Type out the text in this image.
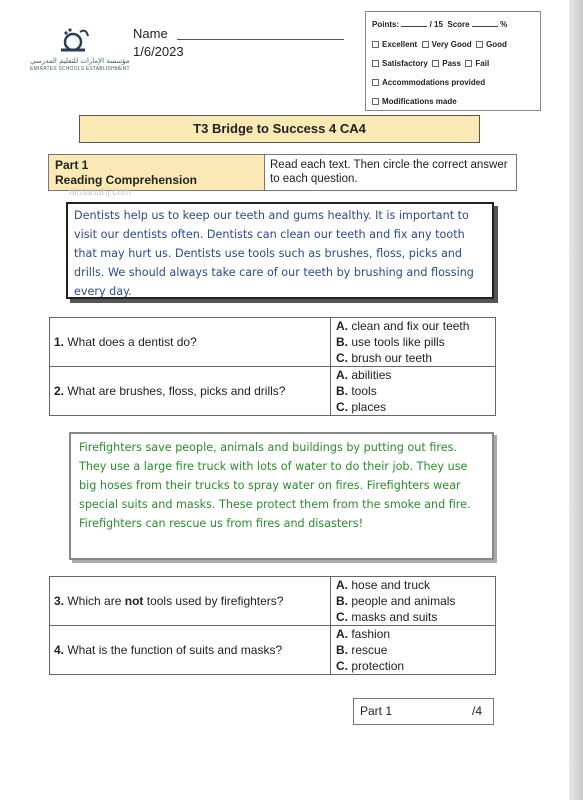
مؤسسة الإمارات للتعليم المدرسي
EMIRATES SCHOOLS ESTABLISHMENT
Name
1/6/2023
Points:	/ 15 Score	%
Excellent Very Good Good
Satisfactory Pass Fail
Accommodations provided
Modifications made
T3 Bridge to Success 4 CA4
Part 1
Reading Comprehension
Read each text. Then circle the correct answer to each question.
almanahj.com
Dentists help us to keep our teeth and gums healthy. It is important to visit our dentists often. Dentists can clean our teeth and fix any tooth that may hurt us. Dentists use tools such as brushes, floss, picks and drills. We should always take care of our teeth by brushing and flossing every day.
1. What does a dentist do?	A. clean and fix our teeth
B. use tools like pills
C. brush our teeth

2. What are brushes, floss, picks and drills?	A. abilities
B. tools
C. places
Firefighters save people, animals and buildings by putting out fires. They use a large fire truck with lots of water to do their job. They use big hoses from their trucks to spray water on fires. Firefighters wear special suits and masks. These protect them from the smoke and fire. Firefighters can rescue us from fires and disasters!
3. Which are not tools used by firefighters?	A. hose and truck
B. people and animals
C. masks and suits

4. What is the function of suits and masks?	A. fashion
B. rescue
C. protection
Part 1	/4
